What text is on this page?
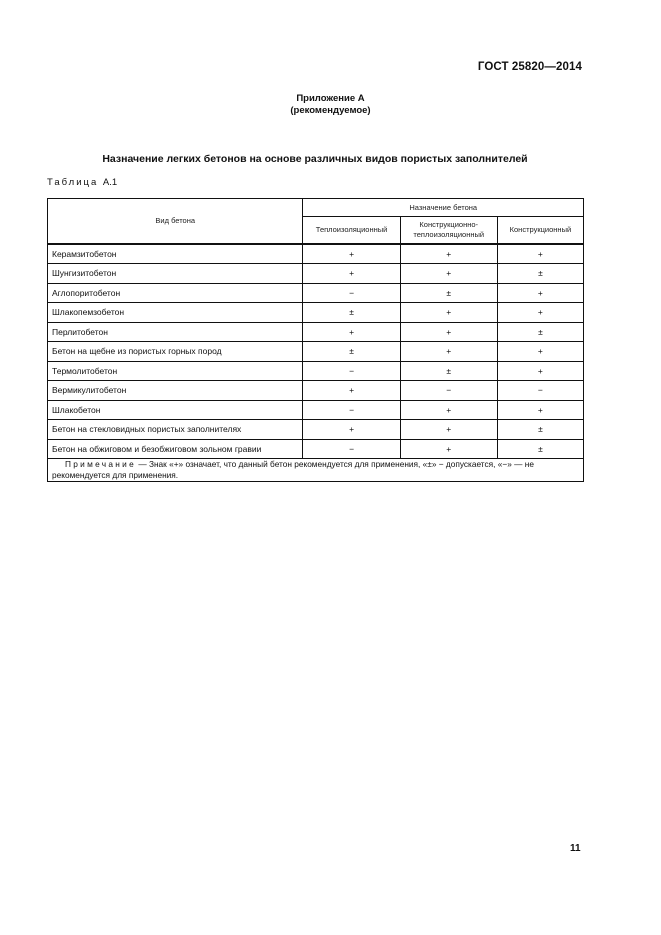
ГОСТ 25820—2014
Приложение А
(рекомендуемое)
Назначение легких бетонов на основе различных видов пористых заполнителей
Таблица А.1
Вид бетона	Назначение бетона		
	Теплоизоляционный	Конструкционно-теплоизоляционный	Конструкционный
Керамзитобетон	+	+	+
Шунгизитобетон	+	+	±
Аглопоритобетон	−	±	+
Шлакопемзобетон	±	+	+
Перлитобетон	+	+	±
Бетон на щебне из пористых горных пород	±	+	+
Термолитобетон	−	±	+
Вермикулитобетон	+	−	−
Шлакобетон	−	+	+
Бетон на стекловидных пористых заполнителях	+	+	±
Бетон на обжиговом и безобжиговом зольном гравии	−	+	±
Примечание — Знак «+» означает, что данный бетон рекомендуется для применения, «±» − допускается, «−» — не рекомендуется для применения.			
11
